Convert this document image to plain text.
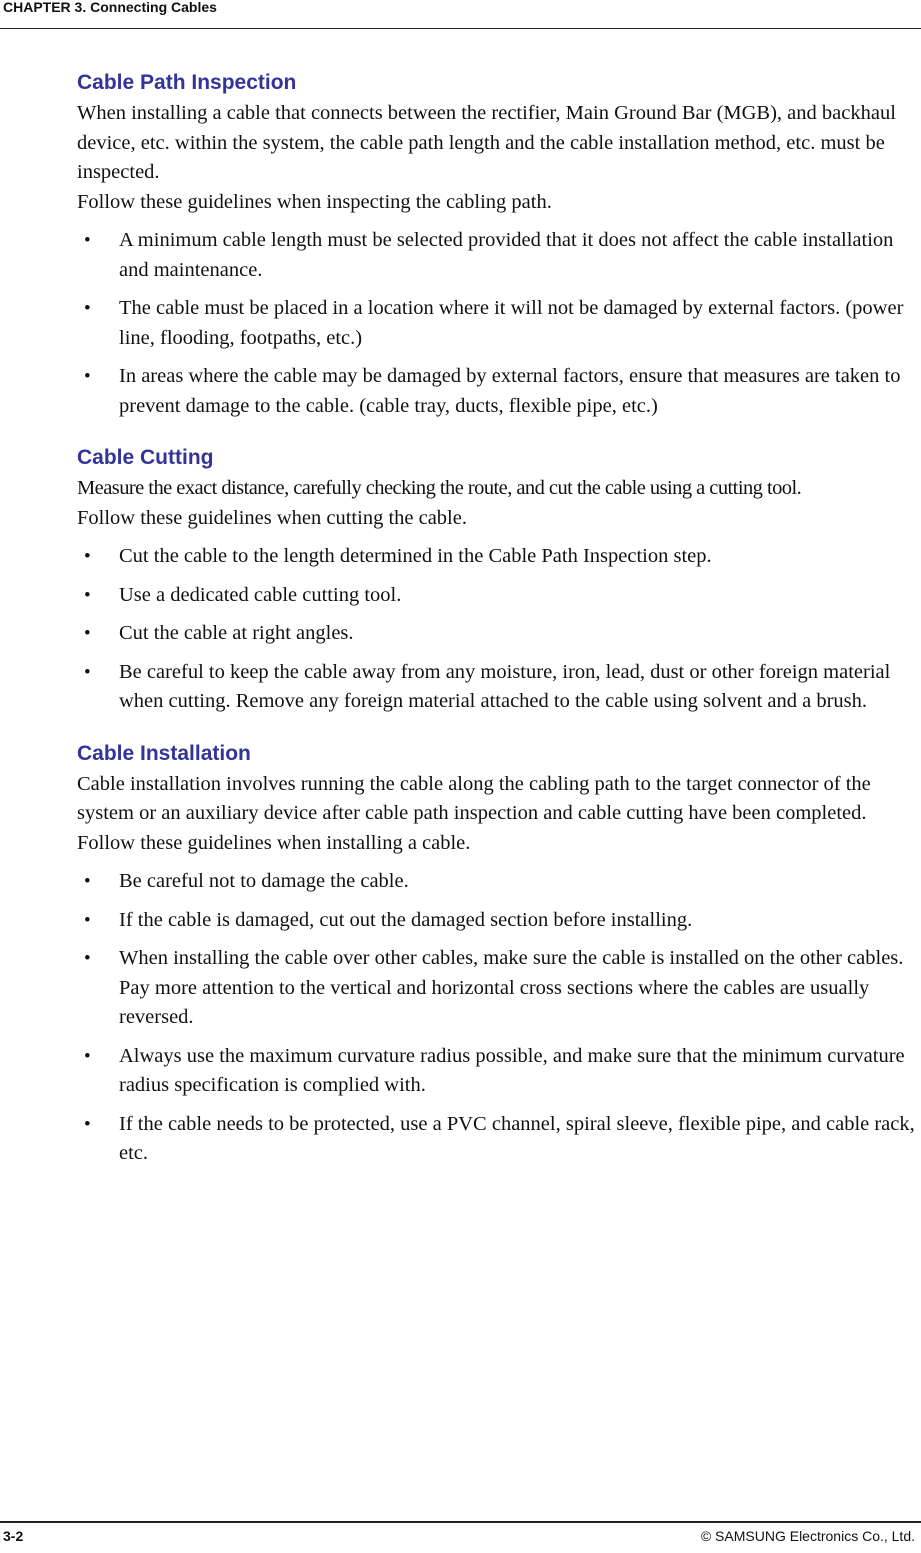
CHAPTER 3. Connecting Cables
Cable Path Inspection

When installing a cable that connects between the rectifier, Main Ground Bar (MGB), and backhaul device, etc. within the system, the cable path length and the cable installation method, etc. must be inspected.

Follow these guidelines when inspecting the cabling path.

• A minimum cable length must be selected provided that it does not affect the cable installation and maintenance.
• The cable must be placed in a location where it will not be damaged by external factors. (power line, flooding, footpaths, etc.)
• In areas where the cable may be damaged by external factors, ensure that measures are taken to prevent damage to the cable. (cable tray, ducts, flexible pipe, etc.)
Cable Cutting

Measure the exact distance, carefully checking the route, and cut the cable using a cutting tool.

Follow these guidelines when cutting the cable.

• Cut the cable to the length determined in the Cable Path Inspection step.
• Use a dedicated cable cutting tool.
• Cut the cable at right angles.
• Be careful to keep the cable away from any moisture, iron, lead, dust or other foreign material when cutting. Remove any foreign material attached to the cable using solvent and a brush.
Cable Installation

Cable installation involves running the cable along the cabling path to the target connector of the system or an auxiliary device after cable path inspection and cable cutting have been completed.

Follow these guidelines when installing a cable.

• Be careful not to damage the cable.
• If the cable is damaged, cut out the damaged section before installing.
• When installing the cable over other cables, make sure the cable is installed on the other cables. Pay more attention to the vertical and horizontal cross sections where the cables are usually reversed.
• Always use the maximum curvature radius possible, and make sure that the minimum curvature radius specification is complied with.
• If the cable needs to be protected, use a PVC channel, spiral sleeve, flexible pipe, and cable rack, etc.
3-2	© SAMSUNG Electronics Co., Ltd.
